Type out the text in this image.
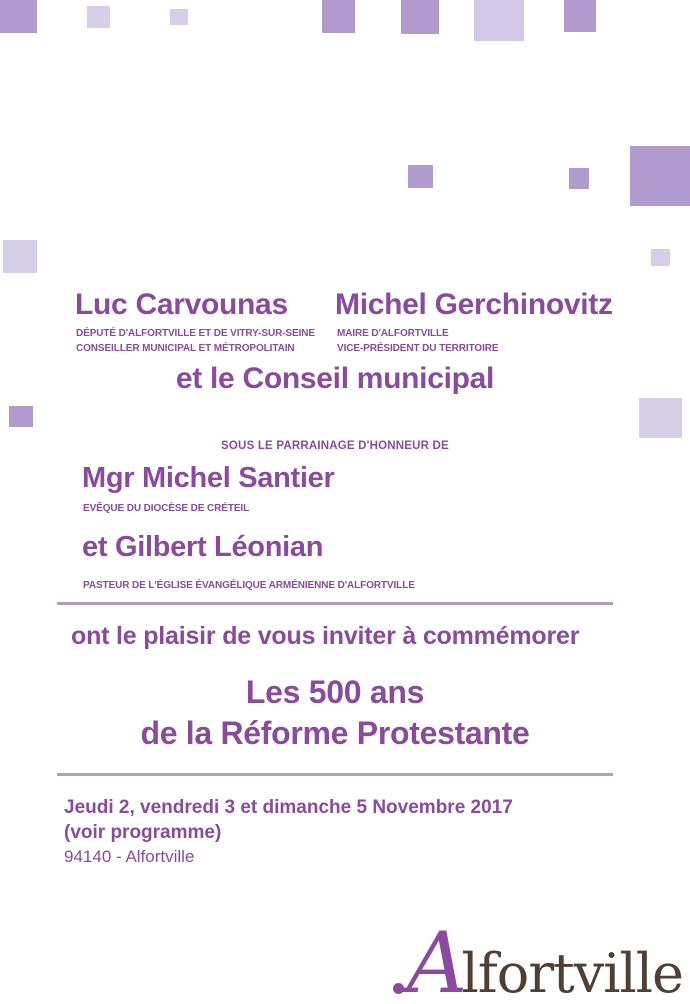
Luc Carvounas Michel Gerchinovitz
DÉPUTÉ D'ALFORTVILLE ET DE VITRY-SUR-SEINE
CONSEILLER MUNICIPAL ET MÉTROPOLITAIN
MAIRE D'ALFORTVILLE
VICE-PRÉSIDENT DU TERRITOIRE
et le Conseil municipal
SOUS LE PARRAINAGE D'HONNEUR DE
Mgr Michel Santier
EVÊQUE DU DIOCÈSE DE CRÉTEIL
et Gilbert Léonian
PASTEUR DE L'ÉGLISE ÉVANGÉLIQUE ARMÉNIENNE D'ALFORTVILLE
ont le plaisir de vous inviter à commémorer
Les 500 ans
de la Réforme Protestante
Jeudi 2, vendredi 3 et dimanche 5 Novembre 2017
(voir programme)
94140 - Alfortville
A
lfortville
